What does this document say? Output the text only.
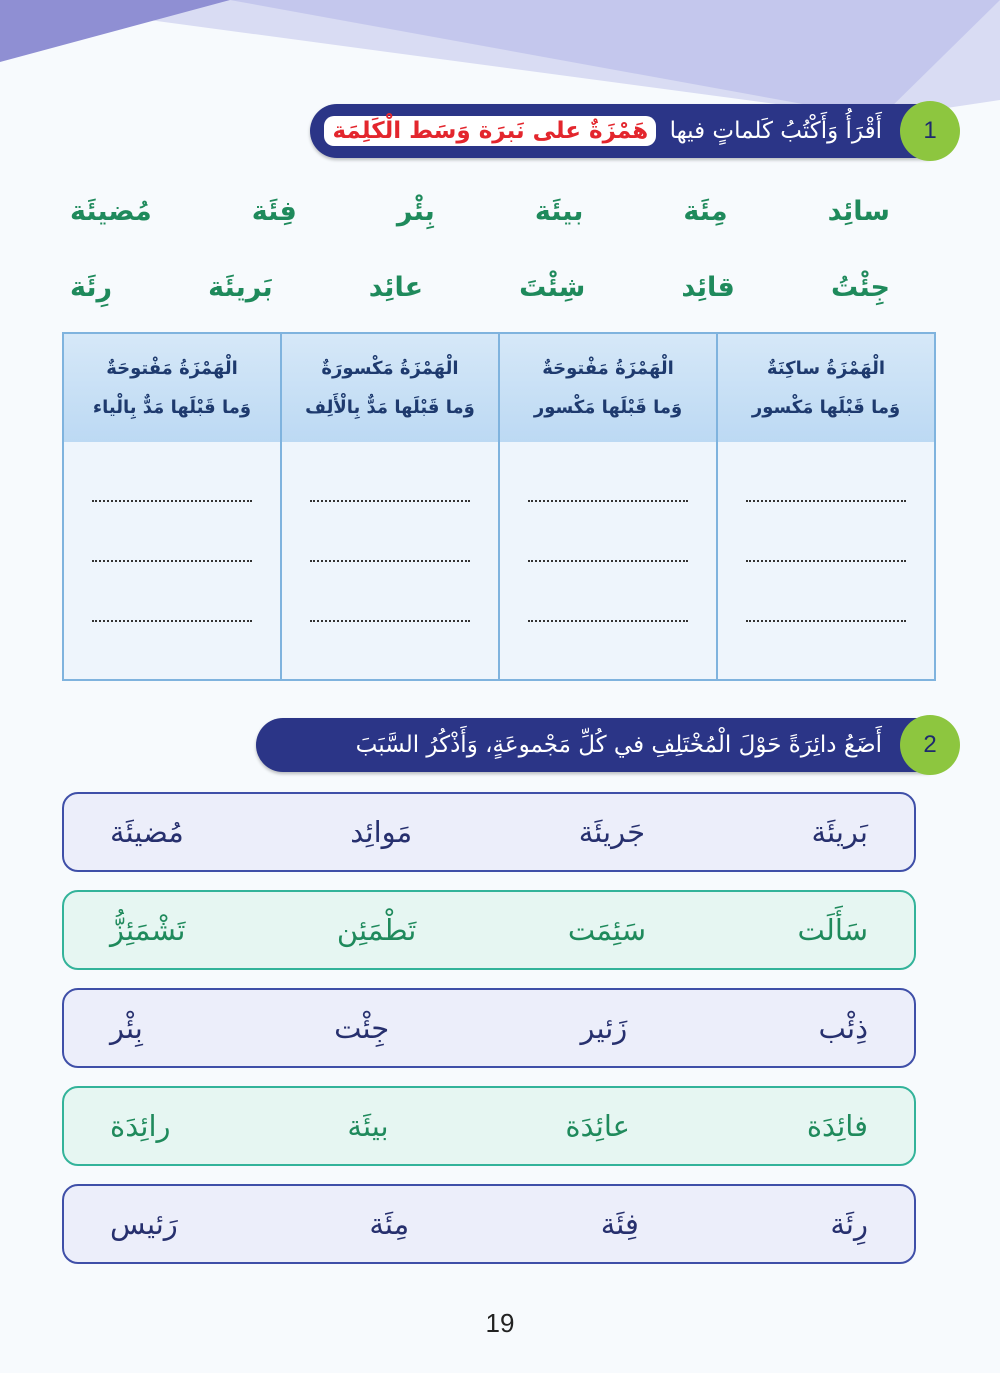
1
أَقْرَأُ وَأَكْتُبُ كَلماتٍ فيها هَمْزَةٌ على نَبرَة وَسَط الْكَلِمَة
سائِد
مِئَة
بيئَة
بِئْر
فِئَة
مُضيئَة
جِئْتُ
قائِد
شِئْتَ
عائِد
بَريئَة
رِئَة
الْهَمْزَةُ ساكِنَةٌ
وَما قَبْلَها مَكْسور
الْهَمْزَةُ مَفْتوحَةٌ
وَما قَبْلَها مَكْسور
الْهَمْزَةُ مَكْسورَةٌ
وَما قَبْلَها مَدٌّ بِالْأَلِف
الْهَمْزَةُ مَفْتوحَةٌ
وَما قَبْلَها مَدٌّ بِالْياء
2
أَضَعُ دائِرَةً حَوْلَ الْمُخْتَلِفِ في كُلِّ مَجْموعَةٍ، وَأَذْكُرُ السَّبَبَ
بَريئَة
جَريئَة
مَوائِد
مُضيئَة
سَأَلَت
سَئِمَت
تَطْمَئِن
تَشْمَئِزُّ
ذِئْب
زَئير
جِئْت
بِئْر
فائِدَة
عائِدَة
بيئَة
رائِدَة
رِئَة
فِئَة
مِئَة
رَئيس
19
